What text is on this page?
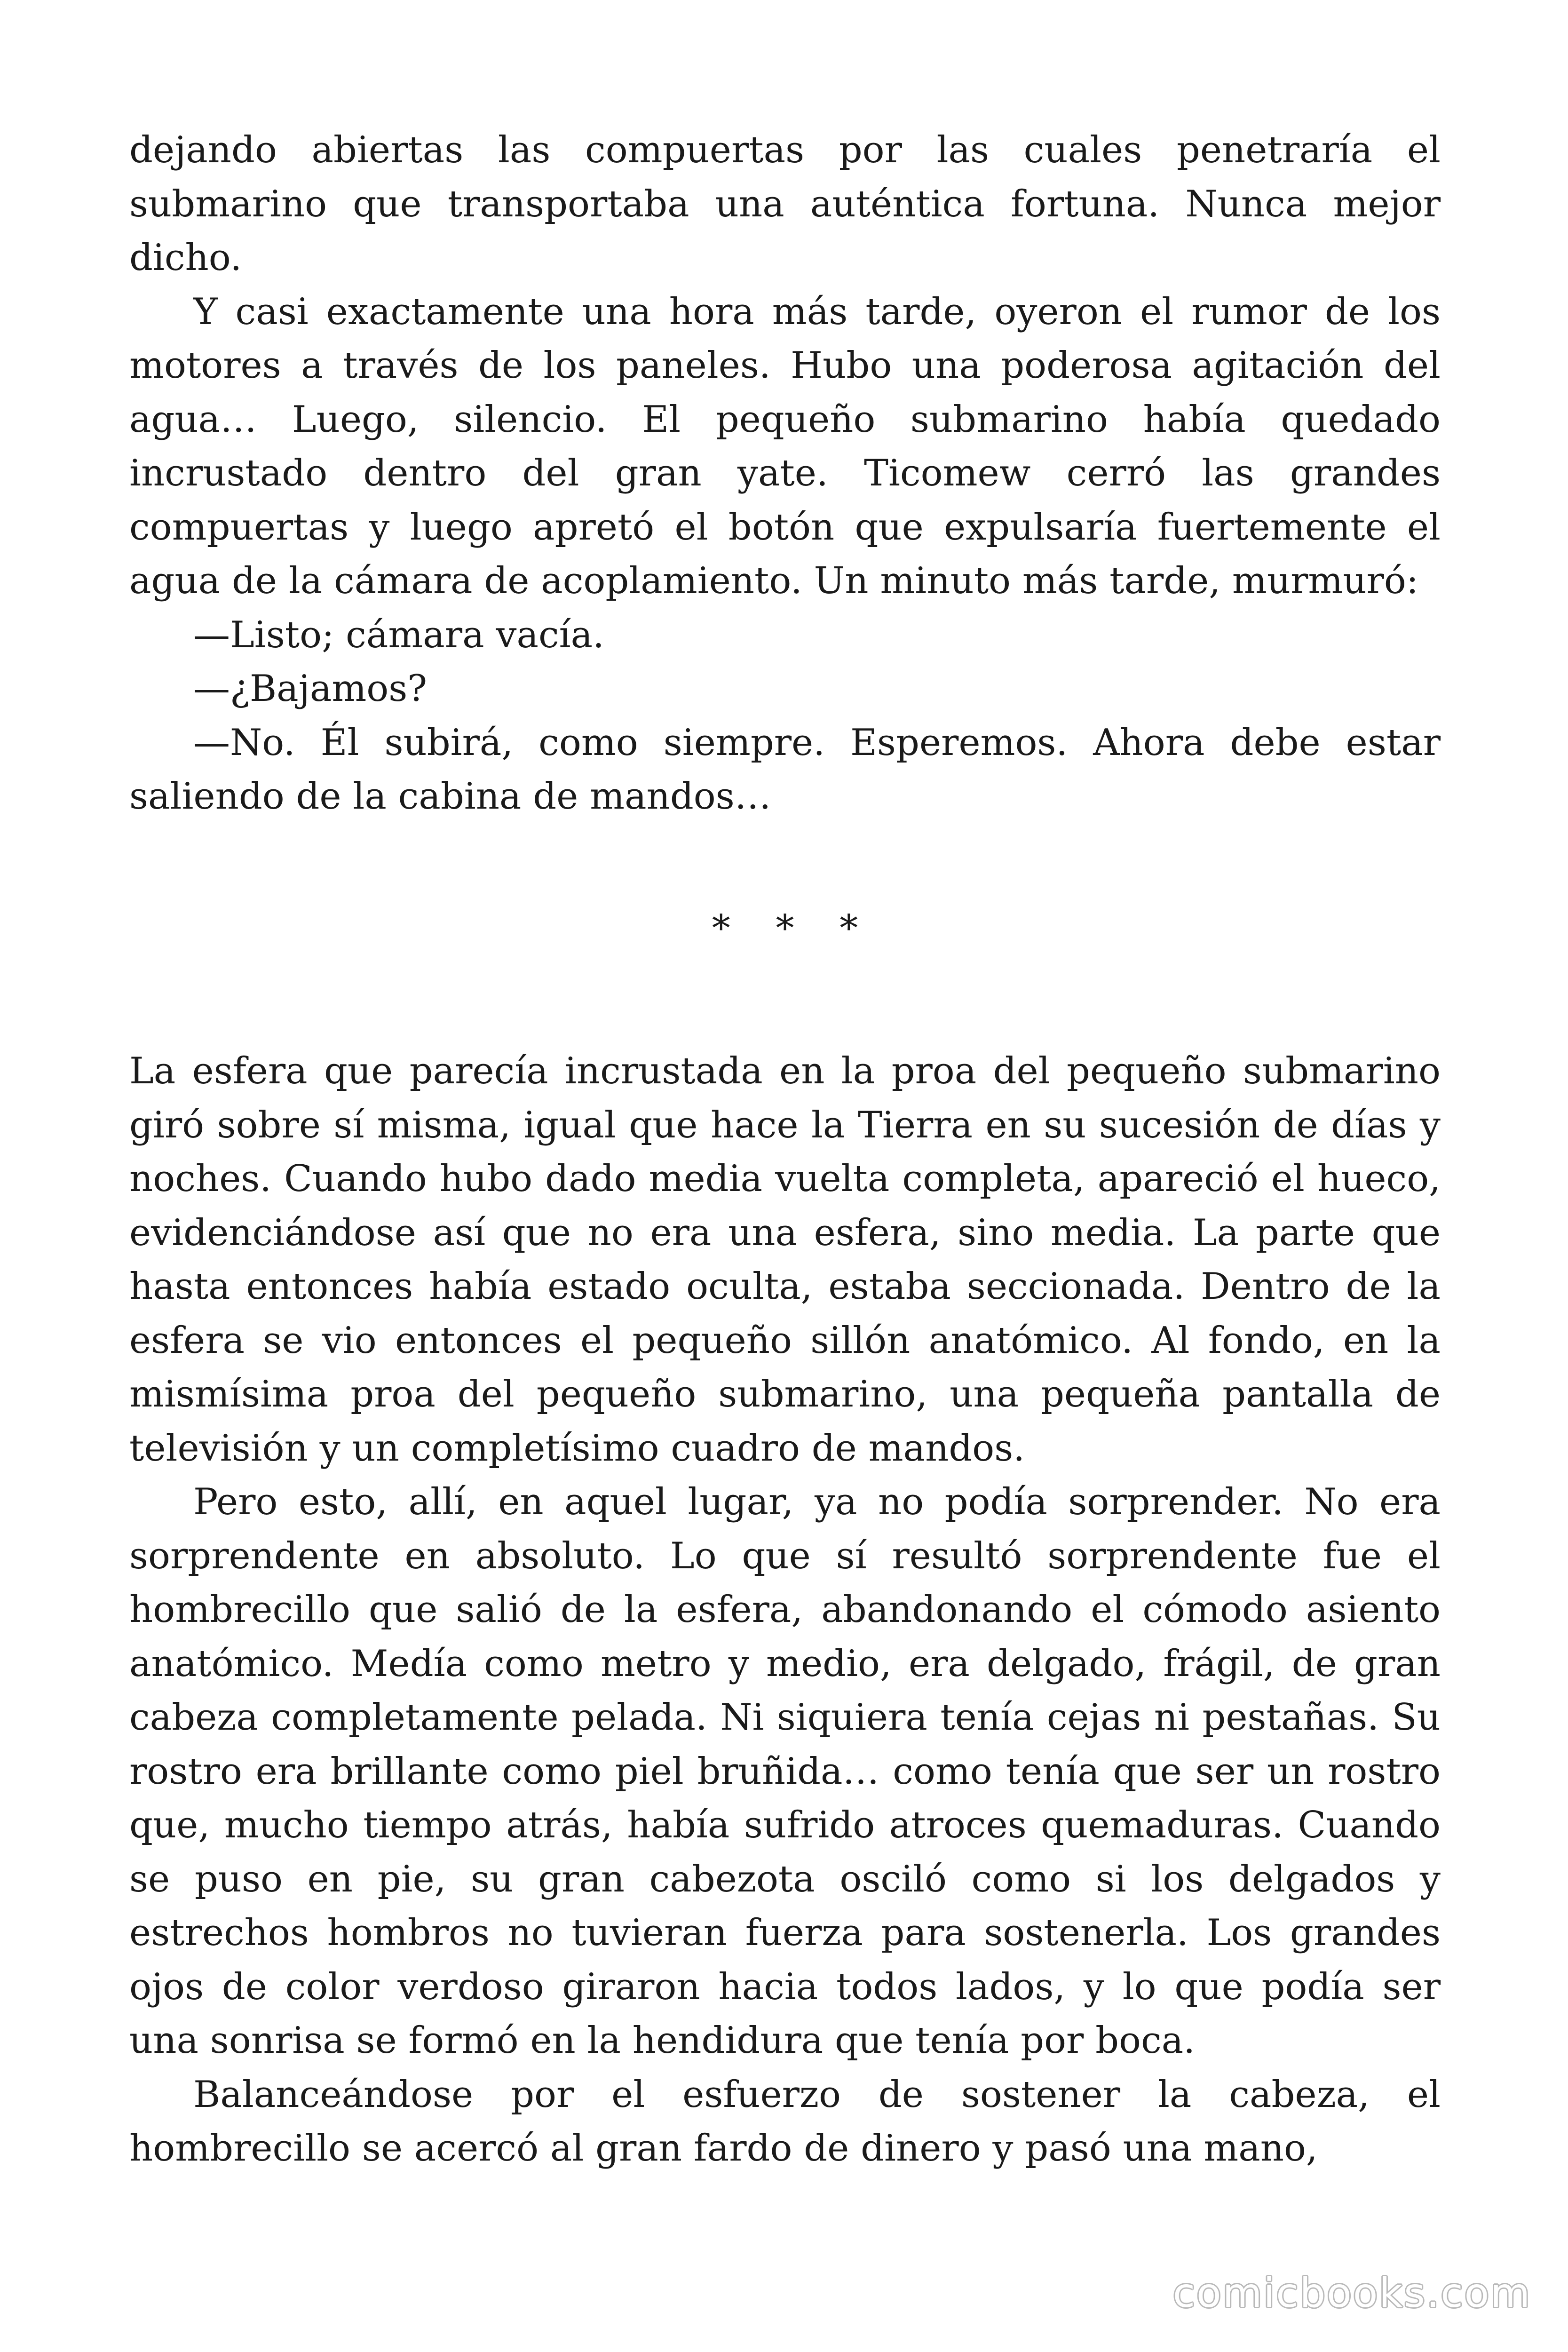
dejando abiertas las compuertas por las cuales penetraría el submarino que transportaba una auténtica fortuna. Nunca mejor dicho.

Y casi exactamente una hora más tarde, oyeron el rumor de los motores a través de los paneles. Hubo una poderosa agitación del agua… Luego, silencio. El pequeño submarino había quedado incrustado dentro del gran yate. Ticomew cerró las grandes compuertas y luego apretó el botón que expulsaría fuertemente el agua de la cámara de acoplamiento. Un minuto más tarde, murmuró:

—Listo; cámara vacía.

—¿Bajamos?

—No. Él subirá, como siempre. Esperemos. Ahora debe estar saliendo de la cabina de mandos…

* * *

La esfera que parecía incrustada en la proa del pequeño submarino giró sobre sí misma, igual que hace la Tierra en su sucesión de días y noches. Cuando hubo dado media vuelta completa, apareció el hueco, evidenciándose así que no era una esfera, sino media. La parte que hasta entonces había estado oculta, estaba seccionada. Dentro de la esfera se vio entonces el pequeño sillón anatómico. Al fondo, en la mismísima proa del pequeño submarino, una pequeña pantalla de televisión y un completísimo cuadro de mandos.

Pero esto, allí, en aquel lugar, ya no podía sorprender. No era sorprendente en absoluto. Lo que sí resultó sorprendente fue el hombrecillo que salió de la esfera, abandonando el cómodo asiento anatómico. Medía como metro y medio, era delgado, frágil, de gran cabeza completamente pelada. Ni siquiera tenía cejas ni pestañas. Su rostro era brillante como piel bruñida… como tenía que ser un rostro que, mucho tiempo atrás, había sufrido atroces quemaduras. Cuando se puso en pie, su gran cabezota osciló como si los delgados y estrechos hombros no tuvieran fuerza para sostenerla. Los grandes ojos de color verdoso giraron hacia todos lados, y lo que podía ser una sonrisa se formó en la hendidura que tenía por boca.

Balanceándose por el esfuerzo de sostener la cabeza, el hombrecillo se acercó al gran fardo de dinero y pasó una mano,

comicbooks.com
